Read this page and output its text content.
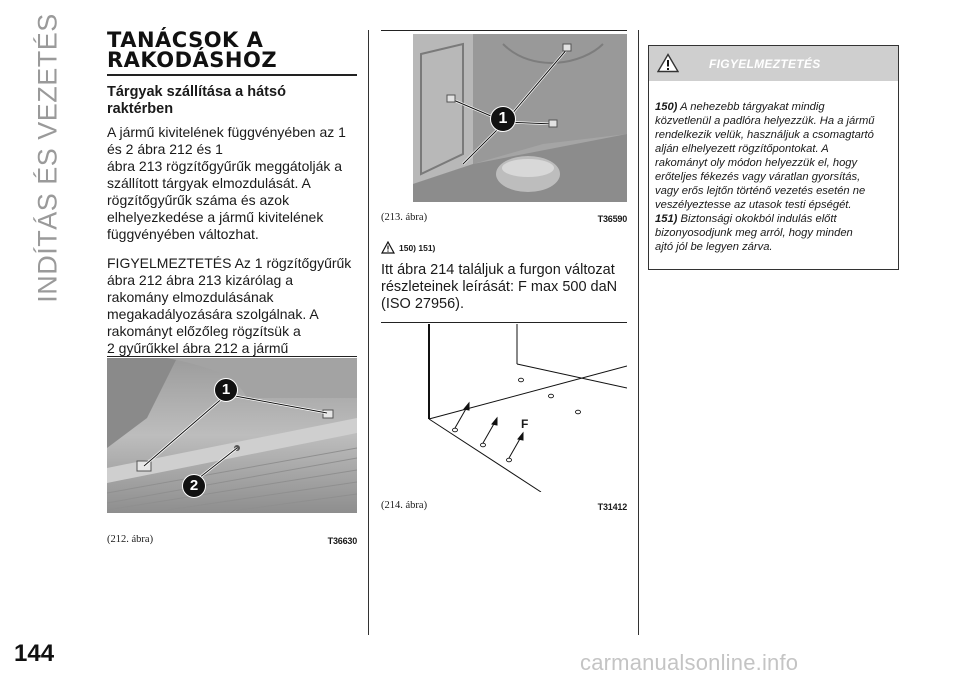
INDÍTÁS ÉS VEZETÉS TANÁCSOK A
RAKODÁSHOZ
Tárgyak szállítása a hátsó
raktérben
A jármű kivitelének függvényében az 1
és 2 ábra 212 és 1
ábra 213 rögzítőgyűrűk meggátolják a
szállított tárgyak elmozdulását. A
rögzítőgyűrűk száma és azok
elhelyezkedése a jármű kivitelének
függvényében változhat.
FIGYELMEZTETÉS Az 1 rögzítőgyűrűk
ábra 212 ábra 213 kizárólag a
rakomány elmozdulásának
megakadályozására szolgálnak. A
rakományt előzőleg rögzítsük a
2 gyűrűkkel ábra 212 a jármű
1
2
(212. ábra)	T36630
1
(213. ábra)	T36590
150) 151)
Itt ábra 214 találjuk a furgon változat
részleteinek leírását: F max 500 daN
(ISO 27956).
F
(214. ábra)	T31412
FIGYELMEZTETÉS
150) A nehezebb tárgyakat mindig
közvetlenül a padlóra helyezzük. Ha a jármű
rendelkezik velük, használjuk a csomagtartó
alján elhelyezett rögzítőpontokat. A
rakományt oly módon helyezzük el, hogy
erőteljes fékezés vagy váratlan gyorsítás,
vagy erős lejtőn történő vezetés esetén ne
veszélyeztesse az utasok testi épségét.
151) Biztonsági okokból indulás előtt
bizonyosodjunk meg arról, hogy minden
ajtó jól be legyen zárva.
144	carmanualsonline.info
